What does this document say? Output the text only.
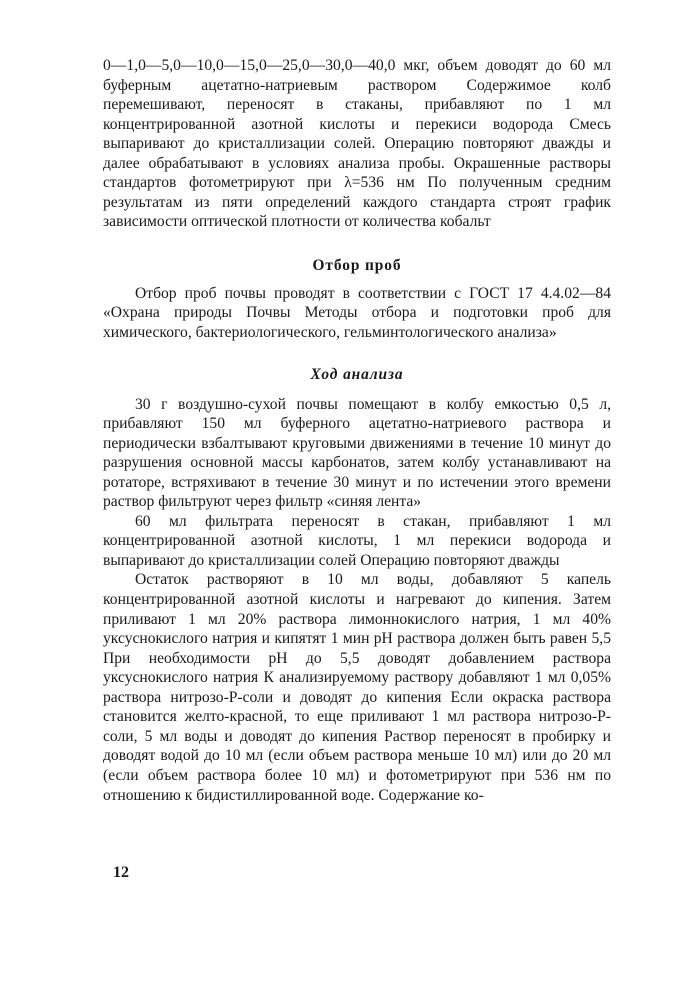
0—1,0—5,0—10,0—15,0—25,0—30,0—40,0 мкг, объем доводят до 60 мл буферным ацетатно-натриевым раствором Содержимое колб перемешивают, переносят в стаканы, прибавляют по 1 мл концентрированной азотной кислоты и перекиси водорода Смесь выпаривают до кристаллизации солей. Операцию повторяют дважды и далее обрабатывают в условиях анализа пробы. Окрашенные растворы стандартов фотометрируют при λ=536 нм По полученным средним результатам из пяти определений каждого стандарта строят график зависимости оптической плотности от количества кобальт

Отбор проб

Отбор проб почвы проводят в соответствии с ГОСТ 17 4.4.02—84 «Охрана природы Почвы Методы отбора и подготовки проб для химического, бактериологического, гельминтологического анализа»

Ход анализа

30 г воздушно-сухой почвы помещают в колбу емкостью 0,5 л, прибавляют 150 мл буферного ацетатно-натриевого раствора и периодически взбалтывают круговыми движениями в течение 10 минут до разрушения основной массы карбонатов, затем колбу устанавливают на ротаторе, встряхивают в течение 30 минут и по истечении этого времени раствор фильтруют через фильтр «синяя лента»

60 мл фильтрата переносят в стакан, прибавляют 1 мл концентрированной азотной кислоты, 1 мл перекиси водорода и выпаривают до кристаллизации солей Операцию повторяют дважды

Остаток растворяют в 10 мл воды, добавляют 5 капель концентрированной азотной кислоты и нагревают до кипения. Затем приливают 1 мл 20% раствора лимоннокислого натрия, 1 мл 40% уксуснокислого натрия и кипятят 1 мин рН раствора должен быть равен 5,5 При необходимости рН до 5,5 доводят добавлением раствора уксуснокислого натрия К анализируемому раствору добавляют 1 мл 0,05% раствора нитрозо-Р-соли и доводят до кипения Если окраска раствора становится желто-красной, то еще приливают 1 мл раствора нитрозо-Р-соли, 5 мл воды и доводят до кипения Раствор переносят в пробирку и доводят водой до 10 мл (если объем раствора меньше 10 мл) или до 20 мл (если объем раствора более 10 мл) и фотометрируют при 536 нм по отношению к бидистиллированной воде. Содержание ко-

12
